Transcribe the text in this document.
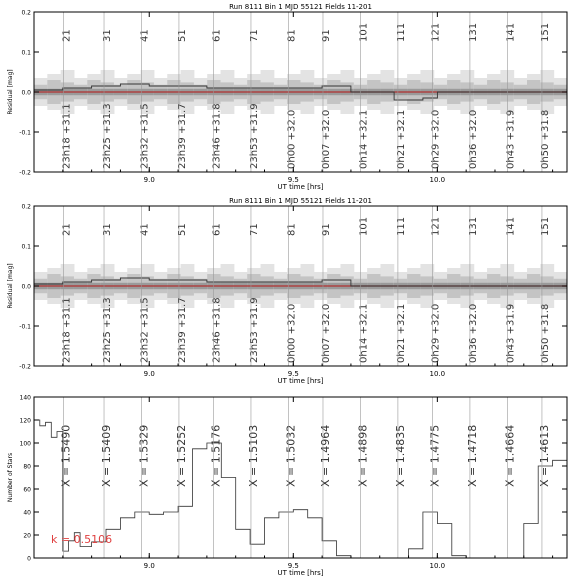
21
23h18 +31.1
31
23h25 +31.3
41
23h32 +31.5
51
23h39 +31.7
61
23h46 +31.8
71
23h53 +31.9
81
0h00 +32.0
91
0h07 +32.0
101
0h14 +32.1
111
0h21 +32.1
121
0h29 +32.0
131
0h36 +32.0
141
0h43 +31.9
151
0h50 +31.8
9.0	9.5	10.0
UT time [hrs]
-0.2
-0.1
0.0
0.1
0.2
Residual [mag]
Run 8111 Bin 1 MJD 55121 Fields 11-201
21
23h18 +31.1
31
23h25 +31.3
41
23h32 +31.5
51
23h39 +31.7
61
23h46 +31.8
71
23h53 +31.9
81
0h00 +32.0
91
0h07 +32.0
101
0h14 +32.1
111
0h21 +32.1
121
0h29 +32.0
131
0h36 +32.0
141
0h43 +31.9
151
0h50 +31.8
9.0	9.5	10.0
UT time [hrs]
-0.2
-0.1
0.0
0.1
0.2
Residual [mag]
Run 8111 Bin 1 MJD 55121 Fields 11-201
X = 1.5490 X = 1.5409 X = 1.5329 X = 1.5252 X = 1.5176 X = 1.5103 X = 1.5032 X = 1.4964 X = 1.4898 X = 1.4835 X = 1.4775 X = 1.4718 X = 1.4664 X = 1.4613
k = 0.5106
9.0	9.5	10.0
UT time [hrs]
0
20
40
60
80
100
120
140
Number of Stars
